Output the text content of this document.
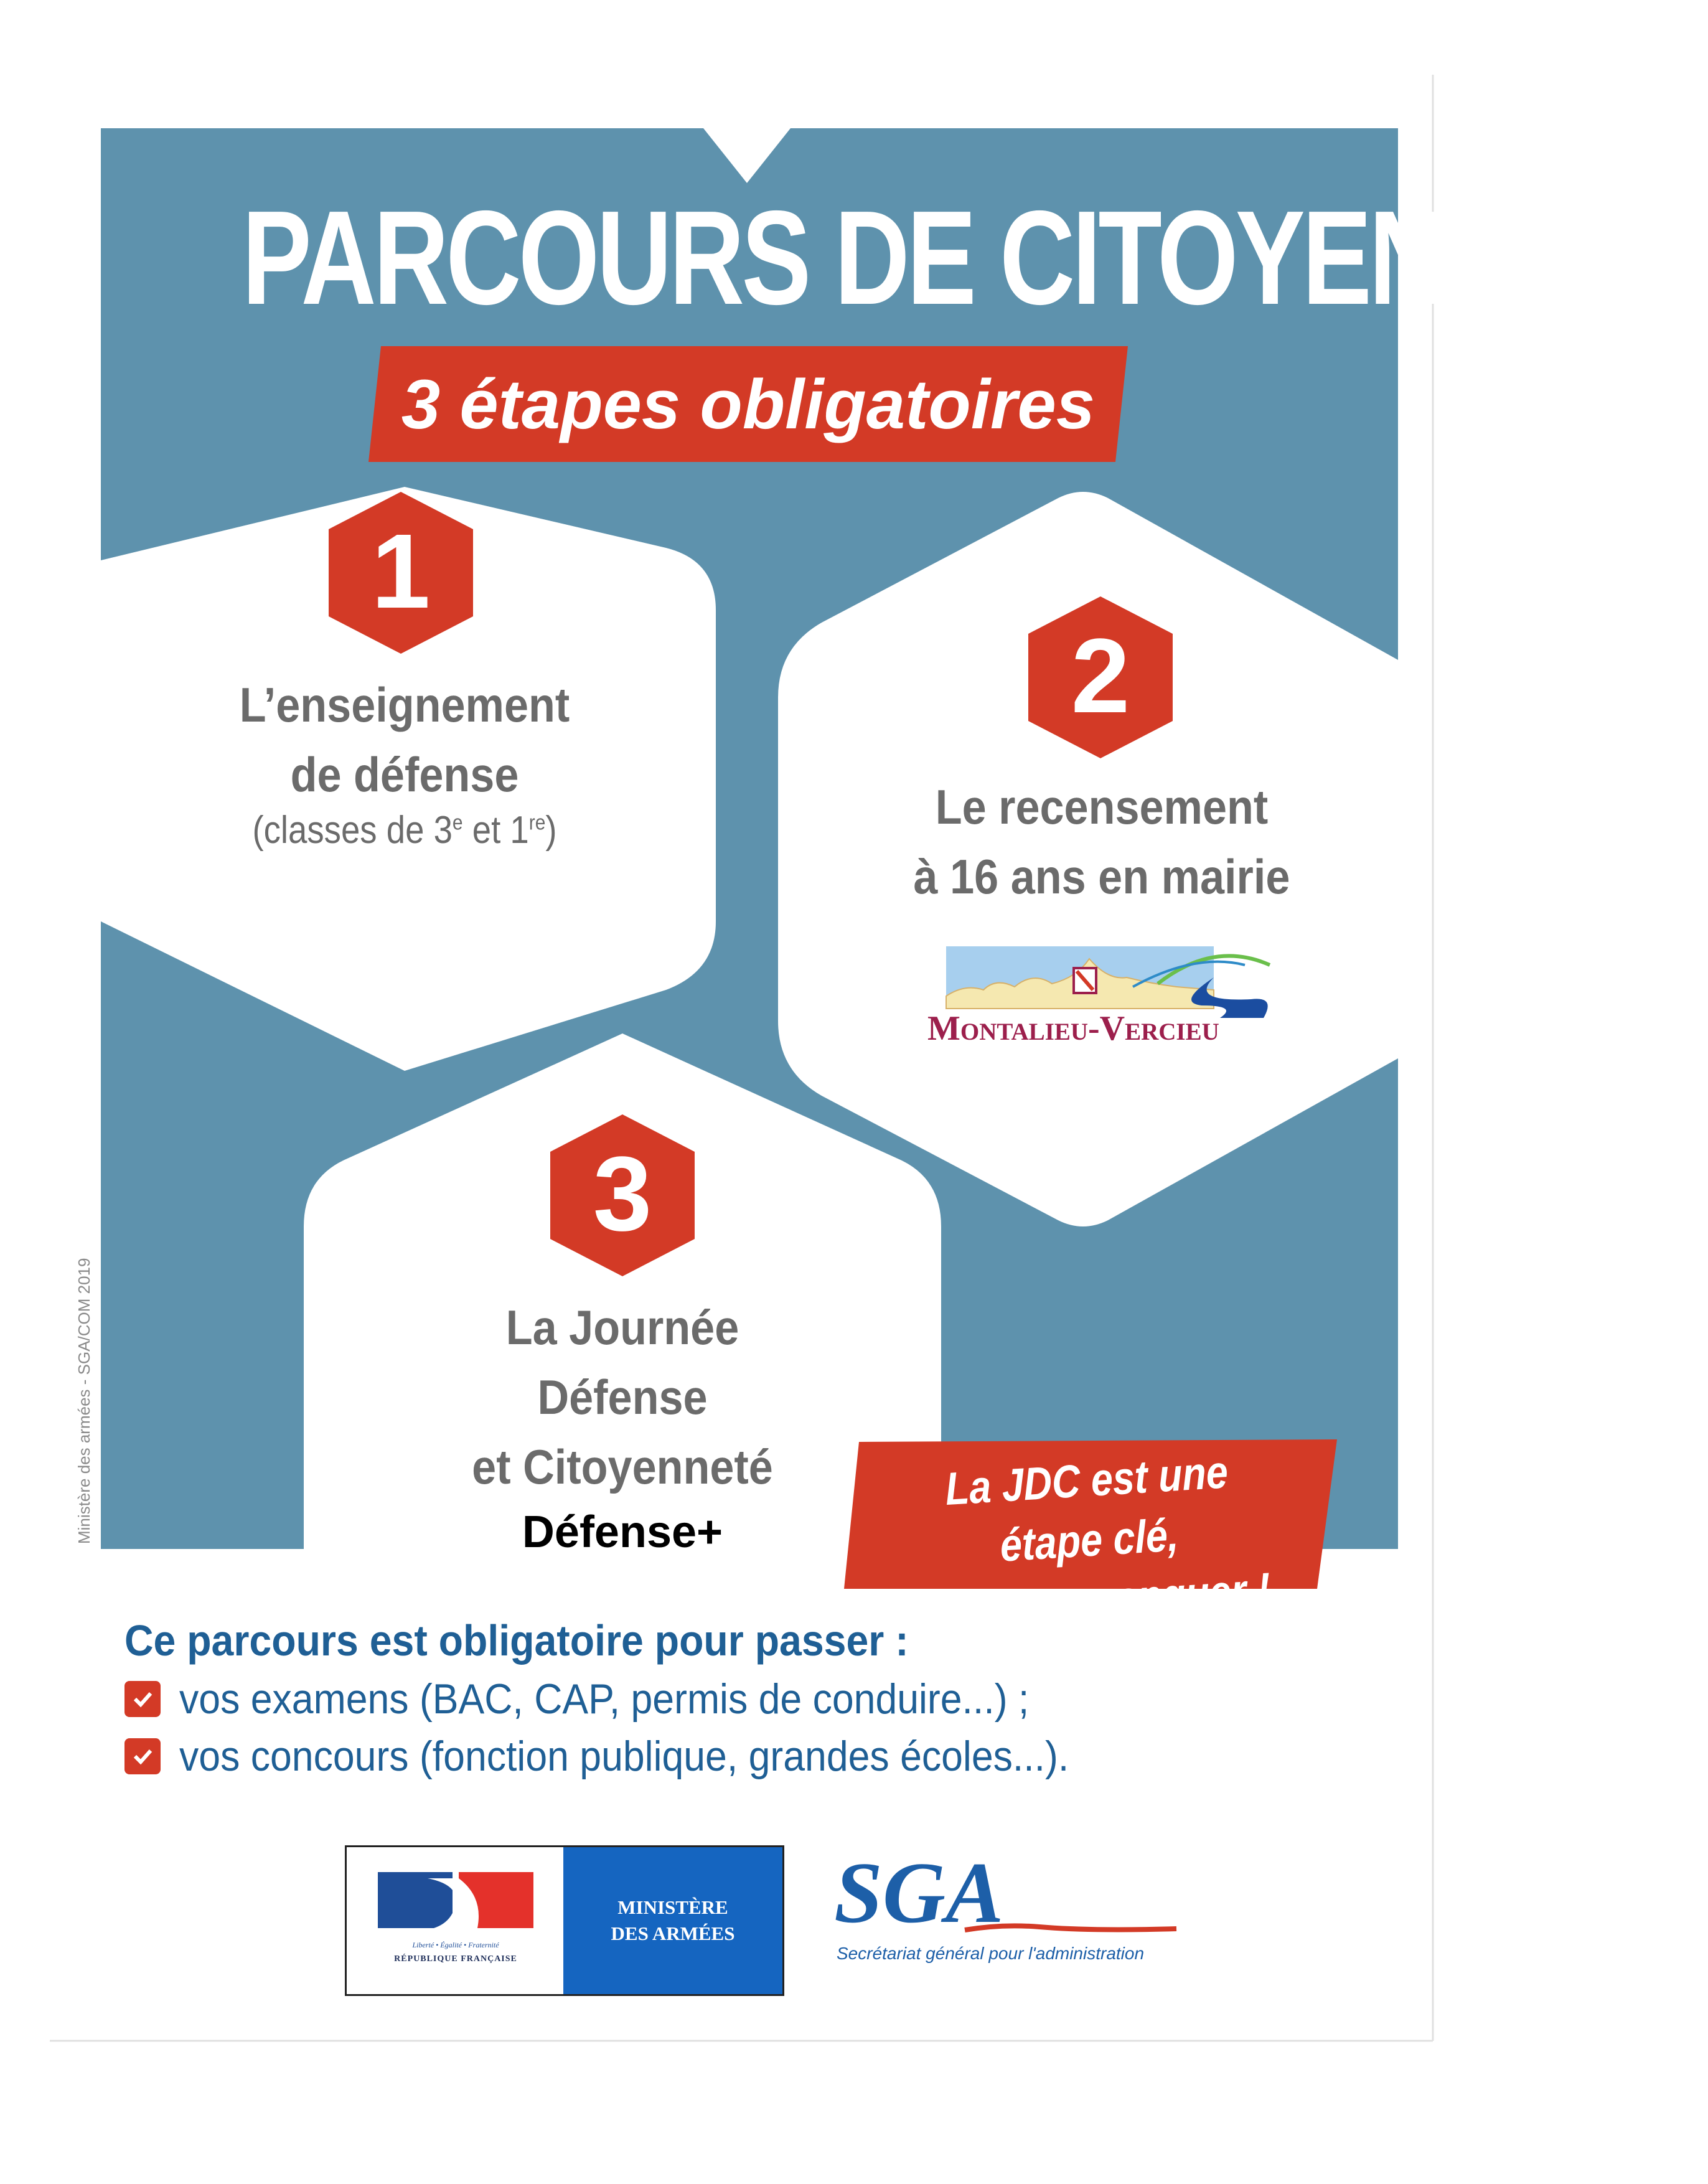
PARCOURS DE CITOYENNETÉ
3 étapes obligatoires
1
2
3
L’enseignement
de défense
(classes de 3e et 1re)	Le recensement
à 16 ans en mairie
Montalieu-Vercieu
La Journée
Défense
et Citoyenneté
Défense+
La JDC est une étape clé,
à ne pas manquer !
Ministère des armées - SGA/COM 2019
Ce parcours est obligatoire pour passer :
vos examens (BAC, CAP, permis de conduire...) ;
vos concours (fonction publique, grandes écoles...).
Liberté • Égalité • Fraternité
RÉPUBLIQUE FRANÇAISE
MINISTÈRE
DES ARMÉES	SGA
Secrétariat général pour l'administration
